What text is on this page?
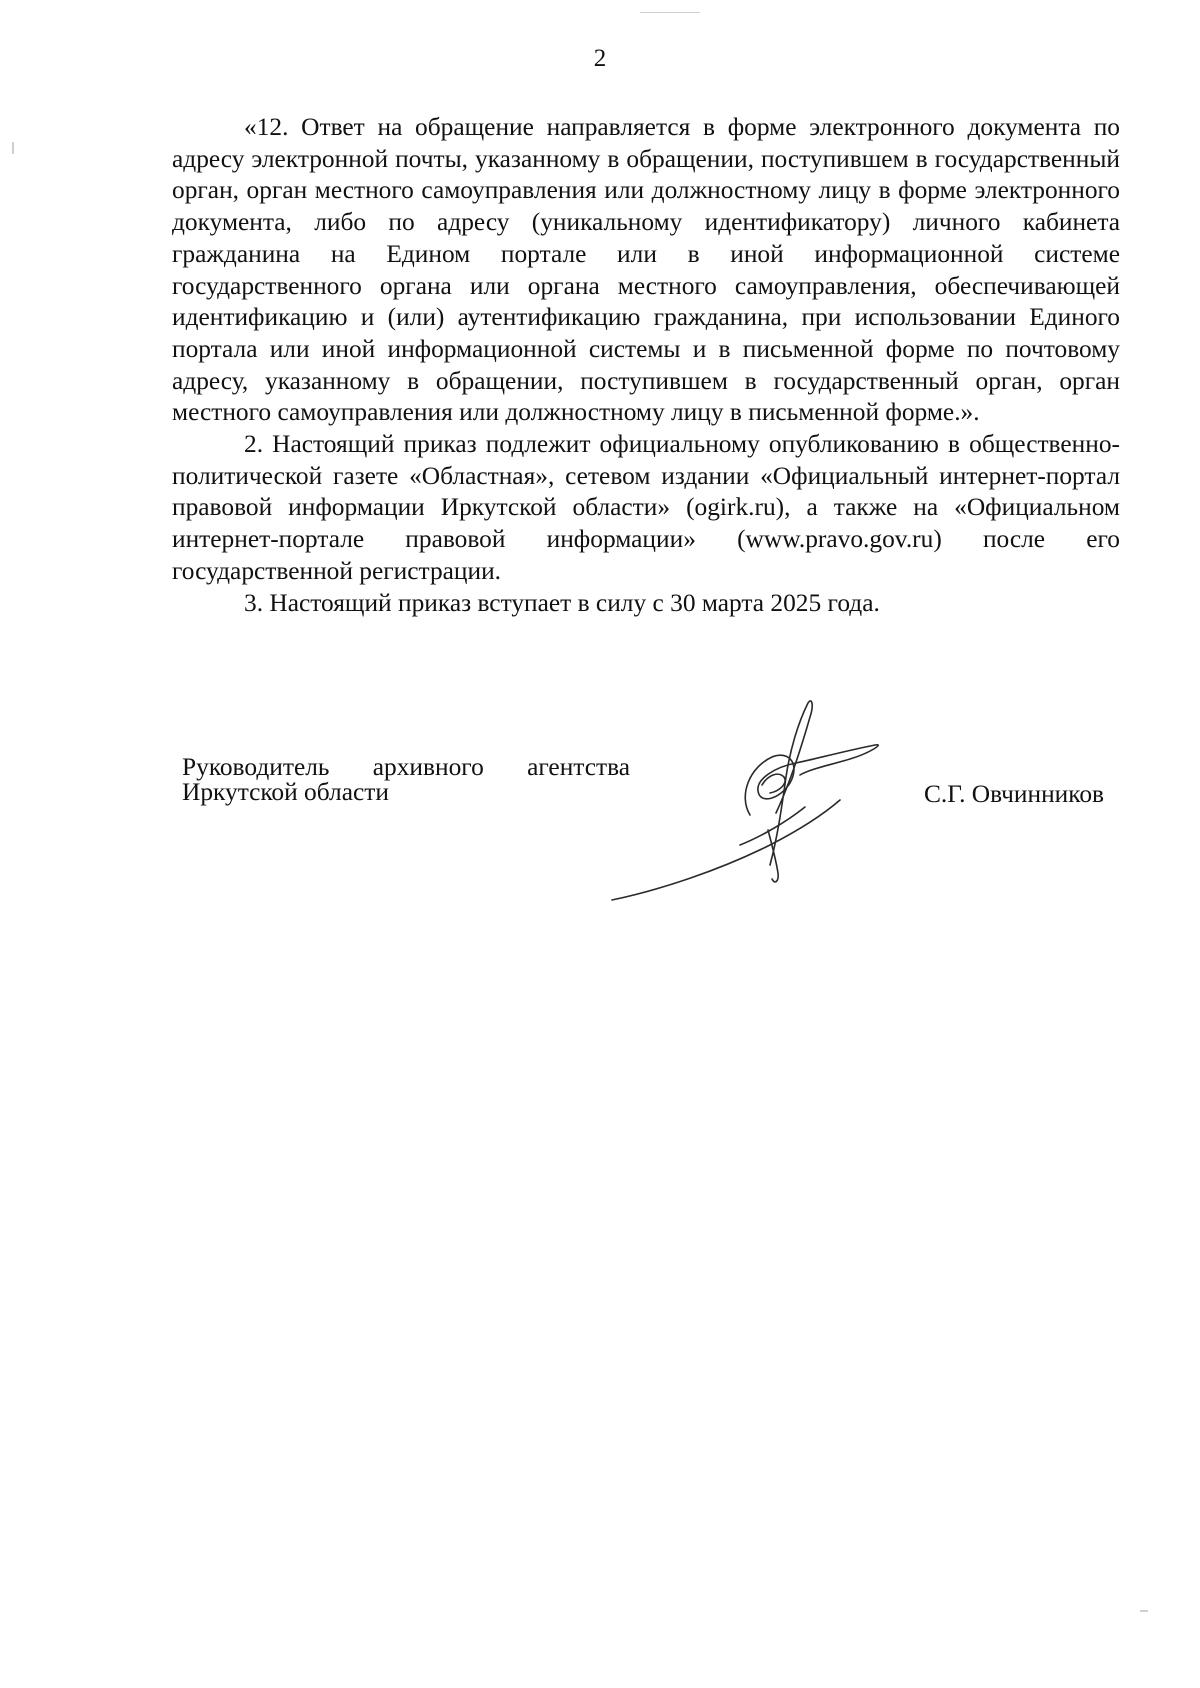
2

«12. Ответ на обращение направляется в форме электронного документа по адресу электронной почты, указанному в обращении, поступившем в государственный орган, орган местного самоуправления или должностному лицу в форме электронного документа, либо по адресу (уникальному идентификатору) личного кабинета гражданина на Едином портале или в иной информационной системе государственного органа или органа местного самоуправления, обеспечивающей идентификацию и (или) аутентификацию гражданина, при использовании Единого портала или иной информационной системы и в письменной форме по почтовому адресу, указанному в обращении, поступившем в государственный орган, орган местного самоуправления или должностному лицу в письменной форме.».

2. Настоящий приказ подлежит официальному опубликованию в общественно-политической газете «Областная», сетевом издании «Официальный интернет-портал правовой информации Иркутской области» (ogirk.ru), а также на «Официальном интернет-портале правовой информации» (www.pravo.gov.ru) после его государственной регистрации.

3. Настоящий приказ вступает в силу с 30 марта 2025 года.

Руководитель архивного агентства
Иркутской области	С.Г. Овчинников
